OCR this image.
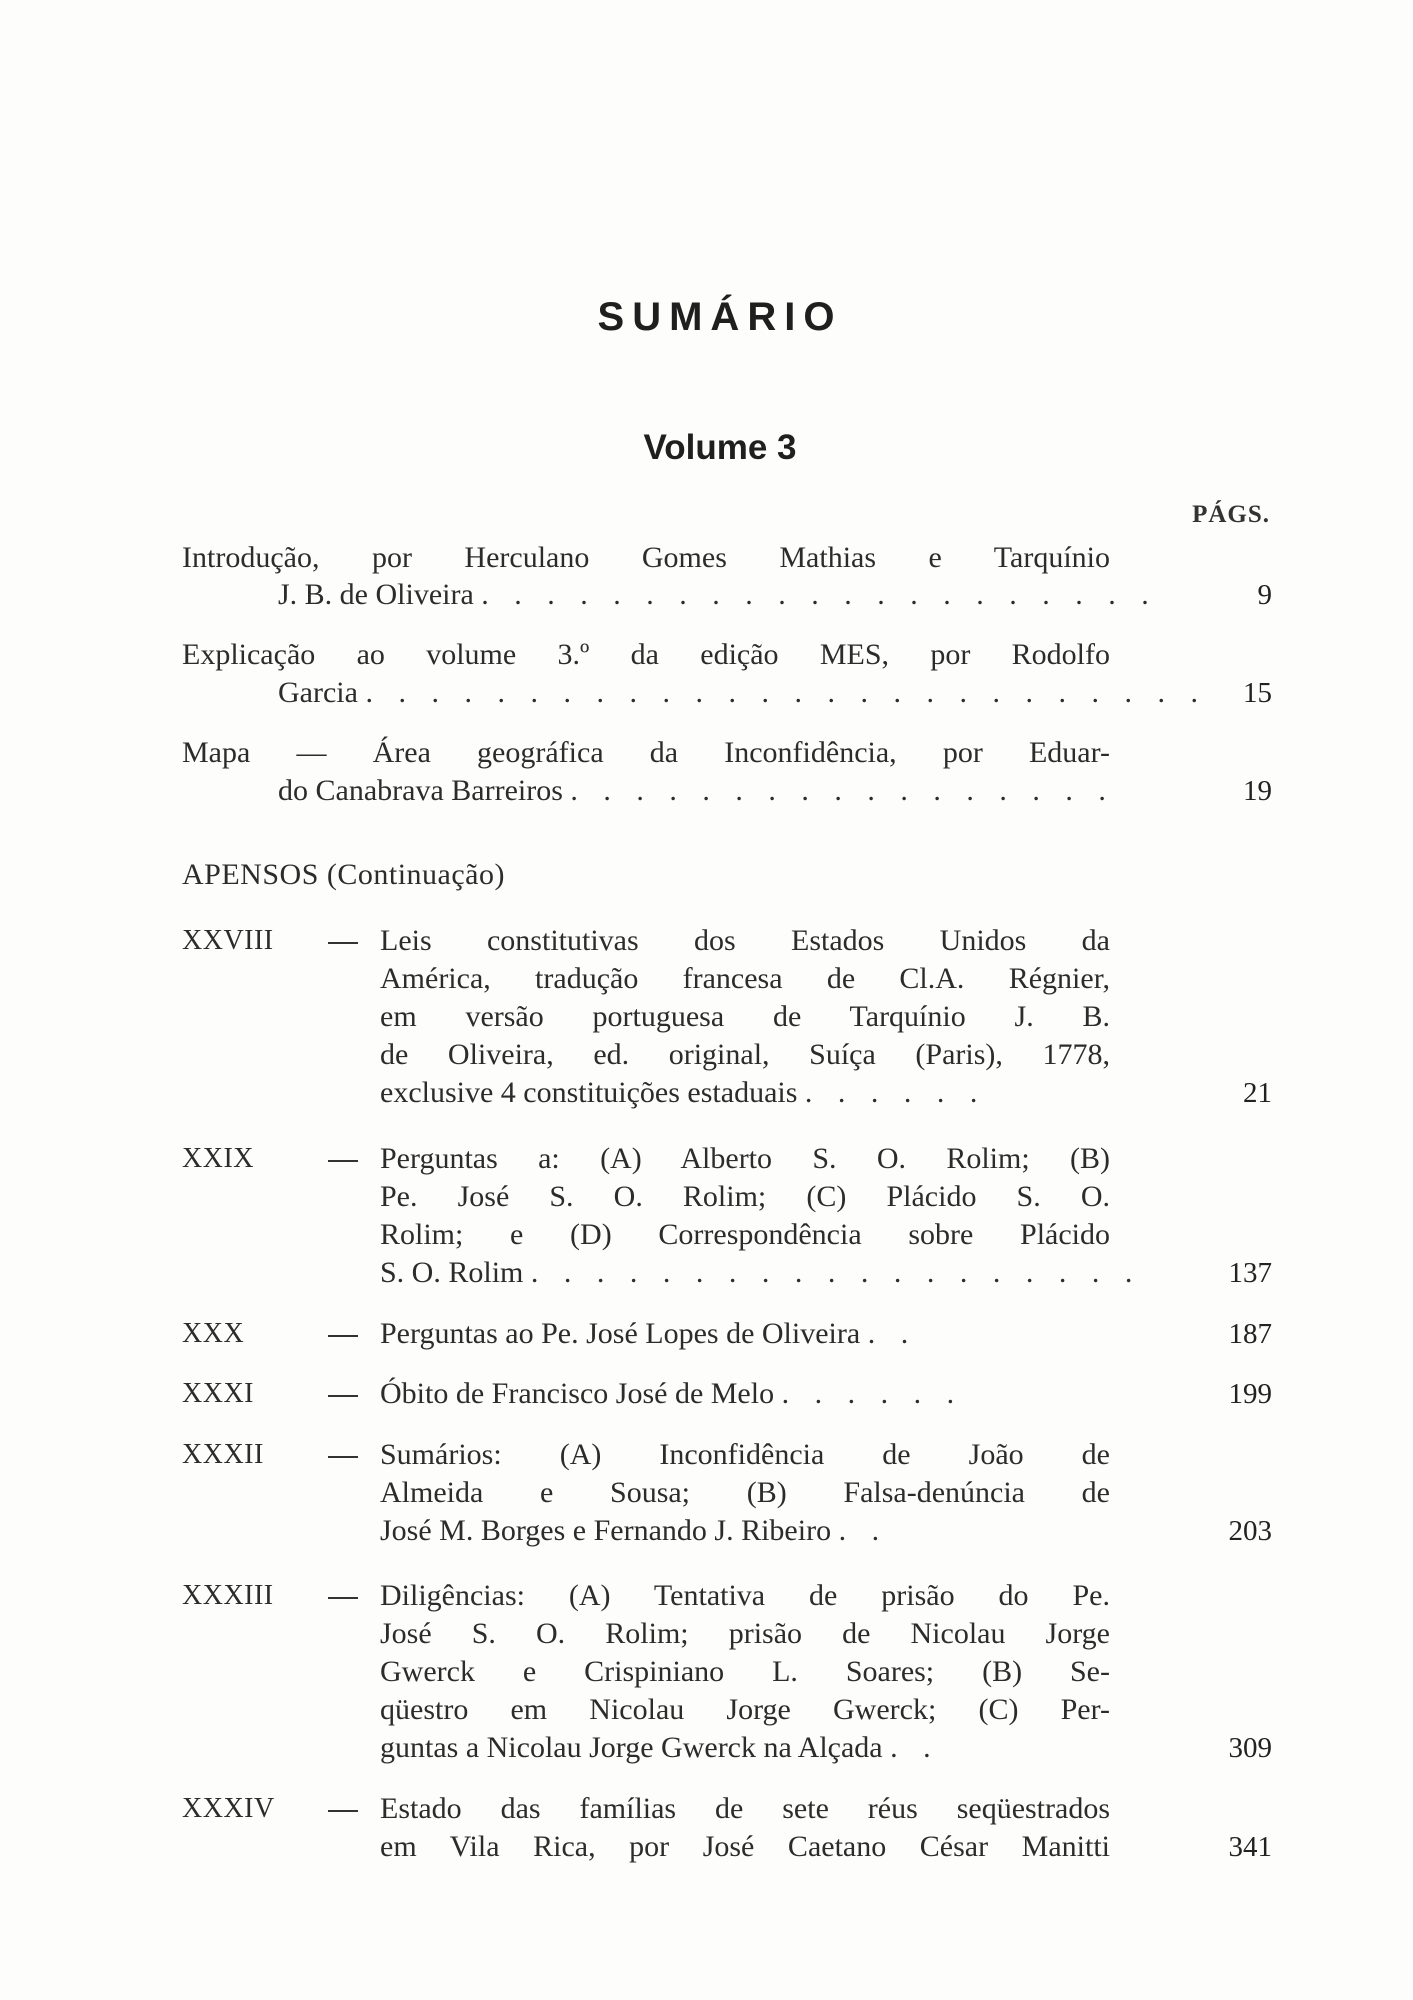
SUMÁRIO
Volume 3
PÁGS.
Introdução, por Herculano Gomes Mathias e Tarquínio
J. B. de Oliveira . . . . . . . . . . . . . . . . . . . . .	9
Explicação ao volume 3.º da edição MES, por Rodolfo
Garcia . . . . . . . . . . . . . . . . . . . . . . . . . .	15
Mapa — Área geográfica da Inconfidência, por Eduar-
do Canabrava Barreiros . . . . . . . . . . . . . . . . .	19
APENSOS (Continuação)
XXVIII	Leis constitutivas dos Estados Unidos da
América, tradução francesa de Cl.A. Régnier,
em versão portuguesa de Tarquínio J. B.
de Oliveira, ed. original, Suíça (Paris), 1778,
exclusive 4 constituições estaduais . . . . . .	21
XXIX	Perguntas a: (A) Alberto S. O. Rolim; (B)
Pe. José S. O. Rolim; (C) Plácido S. O.
Rolim; e (D) Correspondência sobre Plácido
S. O. Rolim . . . . . . . . . . . . . . . . . . .	137
XXX	Perguntas ao Pe. José Lopes de Oliveira . .	187
XXXI	Óbito de Francisco José de Melo . . . . . .	199
XXXII	Sumários: (A) Inconfidência de João de
Almeida e Sousa; (B) Falsa-denúncia de
José M. Borges e Fernando J. Ribeiro . .	203
XXXIII	Diligências: (A) Tentativa de prisão do Pe.
José S. O. Rolim; prisão de Nicolau Jorge
Gwerck e Crispiniano L. Soares; (B) Se-
qüestro em Nicolau Jorge Gwerck; (C) Per-
guntas a Nicolau Jorge Gwerck na Alçada . .	309
XXXIV	Estado das famílias de sete réus seqüestrados
em Vila Rica, por José Caetano César Manitti	341
